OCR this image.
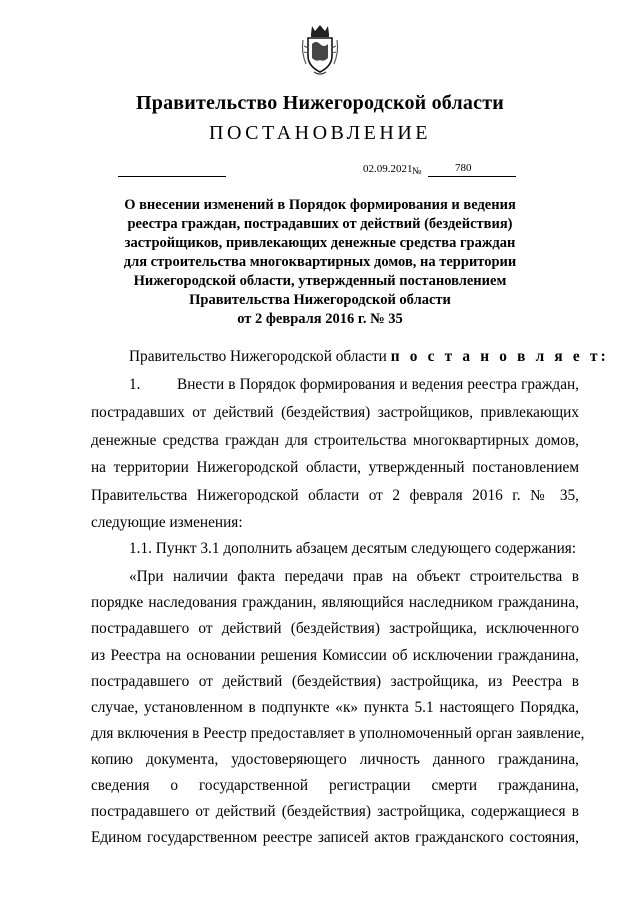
Правительство Нижегородской области
ПОСТАНОВЛЕНИЕ
02.09.2021 №	780
О внесении изменений в Порядок формирования и ведения
реестра граждан, пострадавших от действий (бездействия)
застройщиков, привлекающих денежные средства граждан
для строительства многоквартирных домов, на территории
Нижегородской области, утвержденный постановлением
Правительства Нижегородской области
от 2 февраля 2016 г. № 35
Правительство Нижегородской области п о с т а н о в л я е т:
1. Внести в Порядок формирования и ведения реестра граждан,
пострадавших от действий (бездействия) застройщиков, привлекающих
денежные средства граждан для строительства многоквартирных домов,
на территории Нижегородской области, утвержденный постановлением
Правительства Нижегородской области от 2 февраля 2016 г. № 35,
следующие изменения:
1.1. Пункт 3.1 дополнить абзацем десятым следующего содержания:
«При наличии факта передачи прав на объект строительства в
порядке наследования гражданин, являющийся наследником гражданина,
пострадавшего от действий (бездействия) застройщика, исключенного
из Реестра на основании решения Комиссии об исключении гражданина,
пострадавшего от действий (бездействия) застройщика, из Реестра в
случае, установленном в подпункте «к» пункта 5.1 настоящего Порядка,
для включения в Реестр предоставляет в уполномоченный орган заявление,
копию документа, удостоверяющего личность данного гражданина,
сведения о государственной регистрации смерти гражданина,
пострадавшего от действий (бездействия) застройщика, содержащиеся в
Едином государственном реестре записей актов гражданского состояния,
